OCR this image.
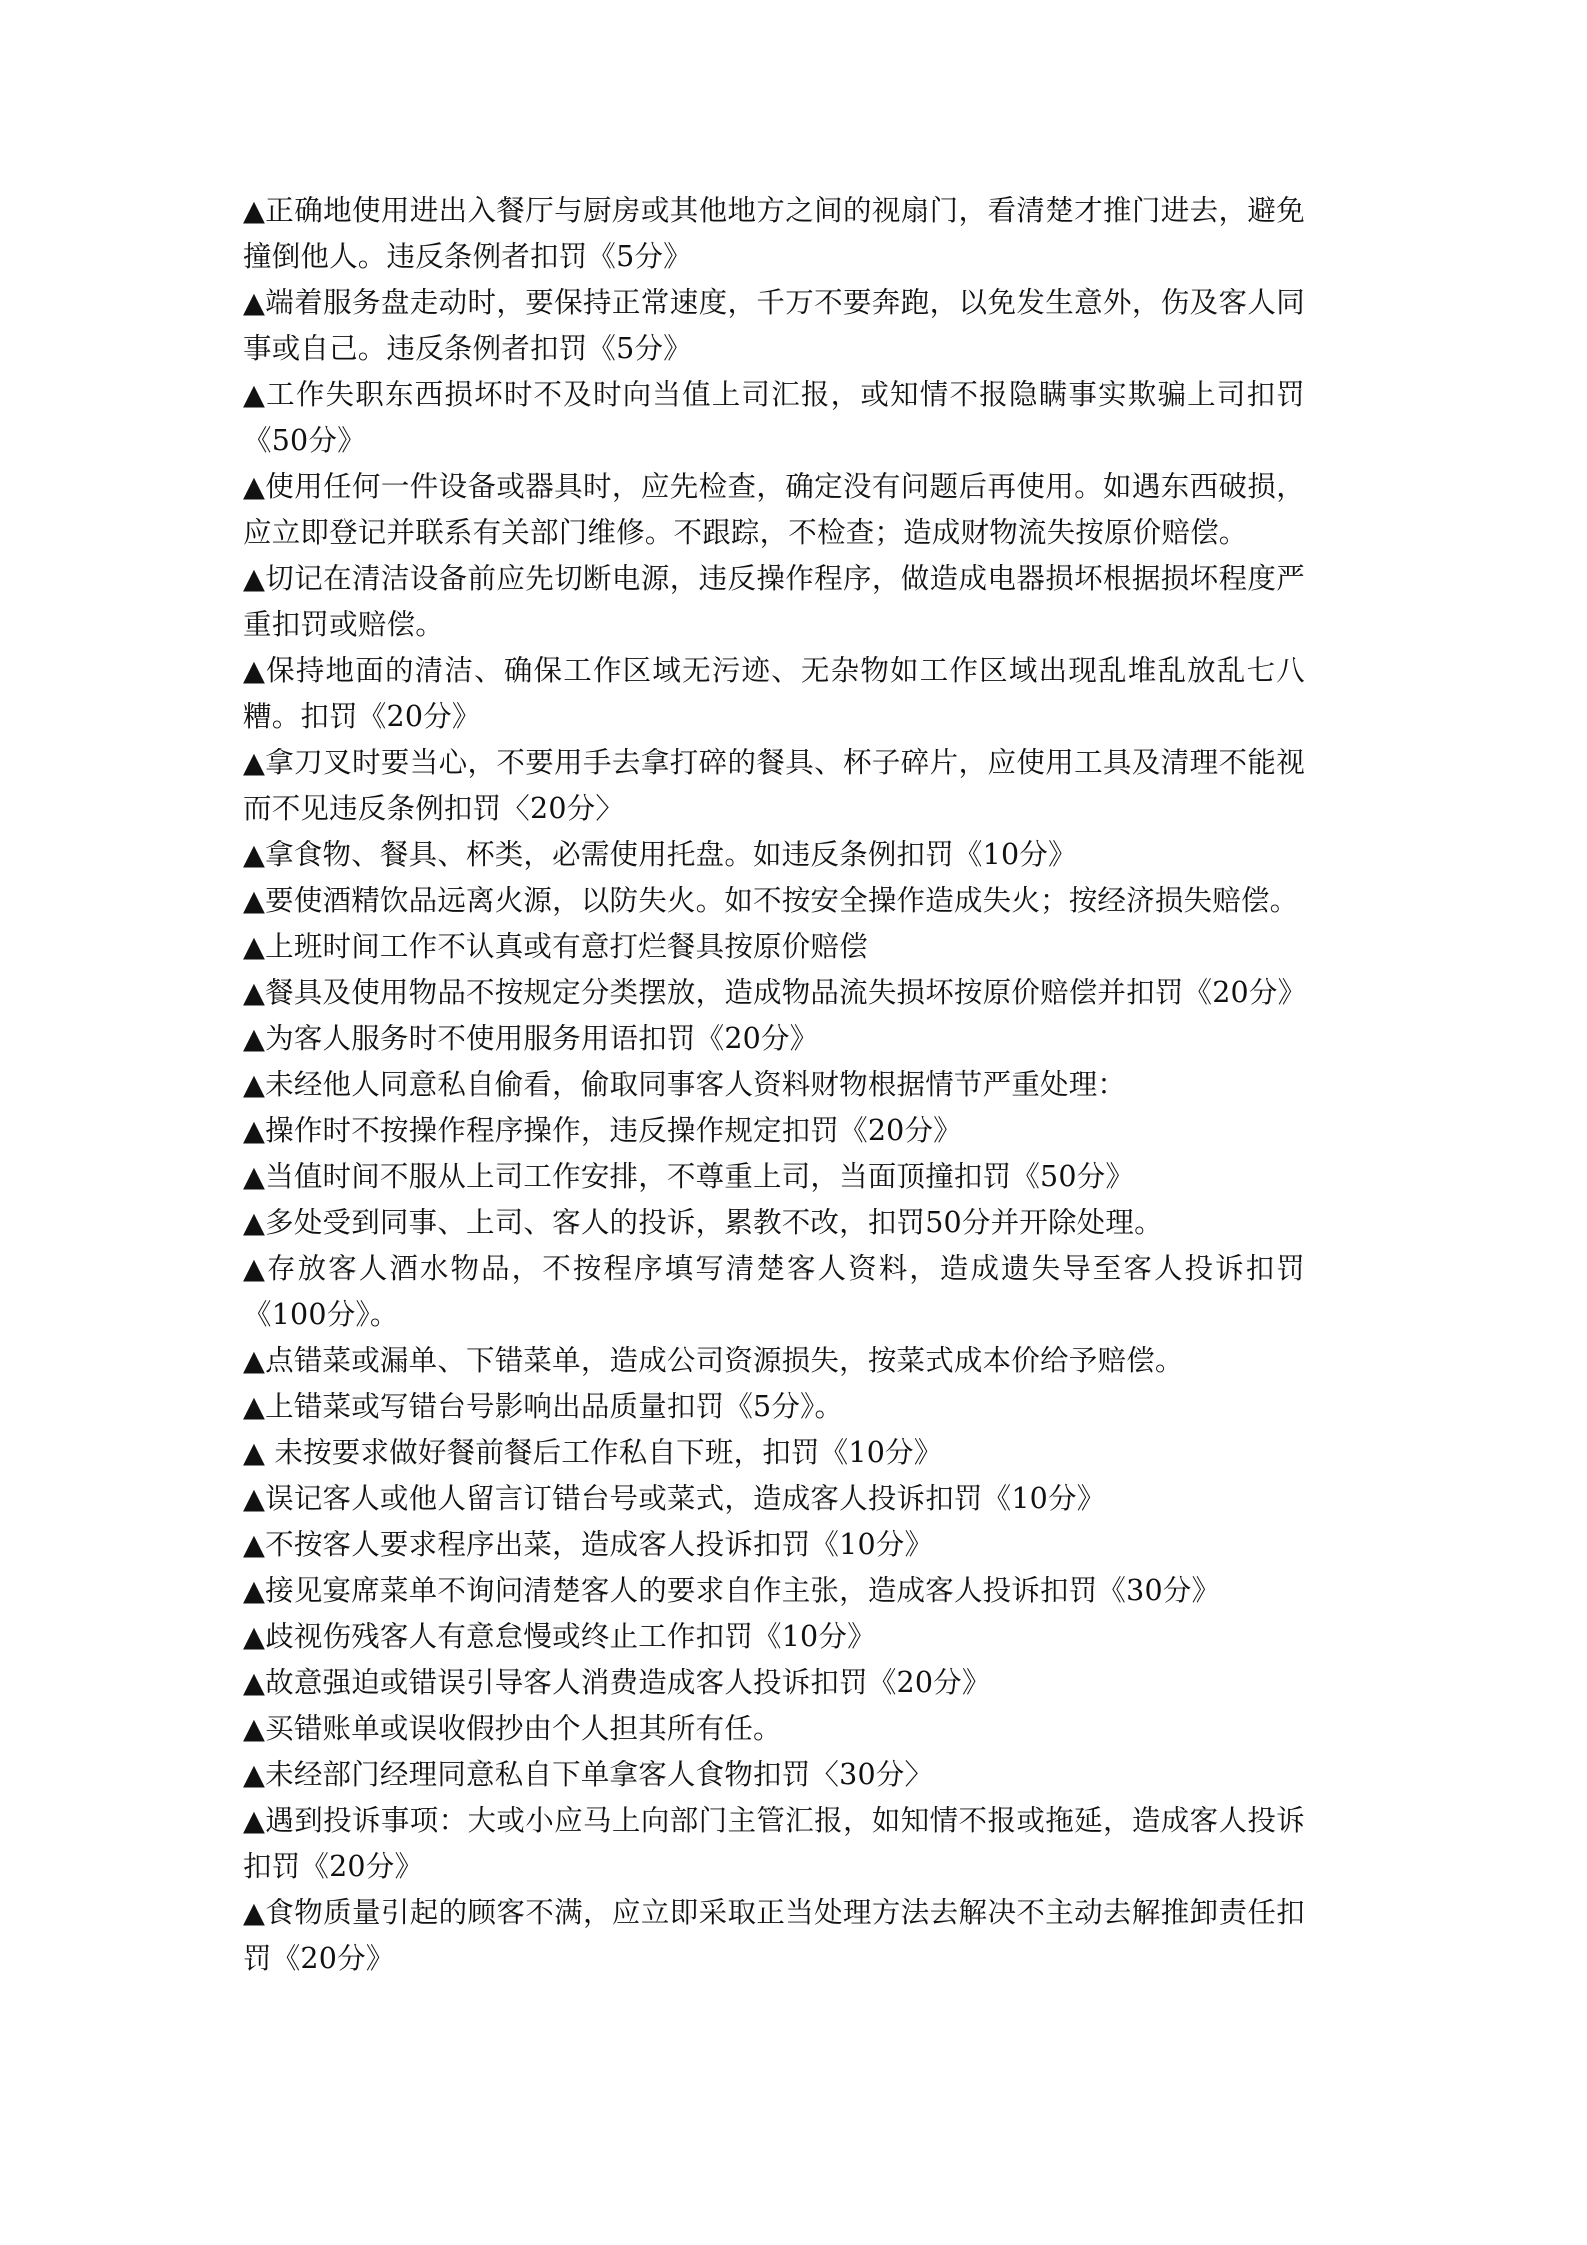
▲正确地使用进出入餐厅与厨房或其他地方之间的视扇门，看清楚才推门进去，避免撞倒他人。违反条例者扣罚《5分》

▲端着服务盘走动时，要保持正常速度，千万不要奔跑，以免发生意外，伤及客人同事或自己。违反条例者扣罚《5分》

▲工作失职东西损坏时不及时向当值上司汇报，或知情不报隐瞒事实欺骗上司扣罚《50分》

▲使用任何一件设备或器具时，应先检查，确定没有问题后再使用。如遇东西破损，应立即登记并联系有关部门维修。不跟踪，不检查；造成财物流失按原价赔偿。

▲切记在清洁设备前应先切断电源，违反操作程序，做造成电器损坏根据损坏程度严重扣罚或赔偿。

▲保持地面的清洁、确保工作区域无污迹、无杂物如工作区域出现乱堆乱放乱七八糟。扣罚《20分》

▲拿刀叉时要当心，不要用手去拿打碎的餐具、杯子碎片，应使用工具及清理不能视而不见违反条例扣罚〈20分〉

▲拿食物、餐具、杯类，必需使用托盘。如违反条例扣罚《10分》

▲要使酒精饮品远离火源，以防失火。如不按安全操作造成失火；按经济损失赔偿。

▲上班时间工作不认真或有意打烂餐具按原价赔偿

▲餐具及使用物品不按规定分类摆放，造成物品流失损坏按原价赔偿并扣罚《20分》

▲为客人服务时不使用服务用语扣罚《20分》

▲未经他人同意私自偷看，偷取同事客人资料财物根据情节严重处理：

▲操作时不按操作程序操作，违反操作规定扣罚《20分》

▲当值时间不服从上司工作安排，不尊重上司，当面顶撞扣罚《50分》

▲多处受到同事、上司、客人的投诉，累教不改，扣罚50分并开除处理。

▲存放客人酒水物品，不按程序填写清楚客人资料，造成遗失导至客人投诉扣罚《100分》。

▲点错菜或漏单、下错菜单，造成公司资源损失，按菜式成本价给予赔偿。

▲上错菜或写错台号影响出品质量扣罚《5分》。

▲ 未按要求做好餐前餐后工作私自下班，扣罚《10分》

▲误记客人或他人留言订错台号或菜式，造成客人投诉扣罚《10分》

▲不按客人要求程序出菜，造成客人投诉扣罚《10分》

▲接见宴席菜单不询问清楚客人的要求自作主张，造成客人投诉扣罚《30分》

▲歧视伤残客人有意怠慢或终止工作扣罚《10分》

▲故意强迫或错误引导客人消费造成客人投诉扣罚《20分》

▲买错账单或误收假抄由个人担其所有任。

▲未经部门经理同意私自下单拿客人食物扣罚〈30分〉

▲遇到投诉事项：大或小应马上向部门主管汇报，如知情不报或拖延，造成客人投诉扣罚《20分》

▲食物质量引起的顾客不满，应立即采取正当处理方法去解决不主动去解推卸责任扣罚《20分》
